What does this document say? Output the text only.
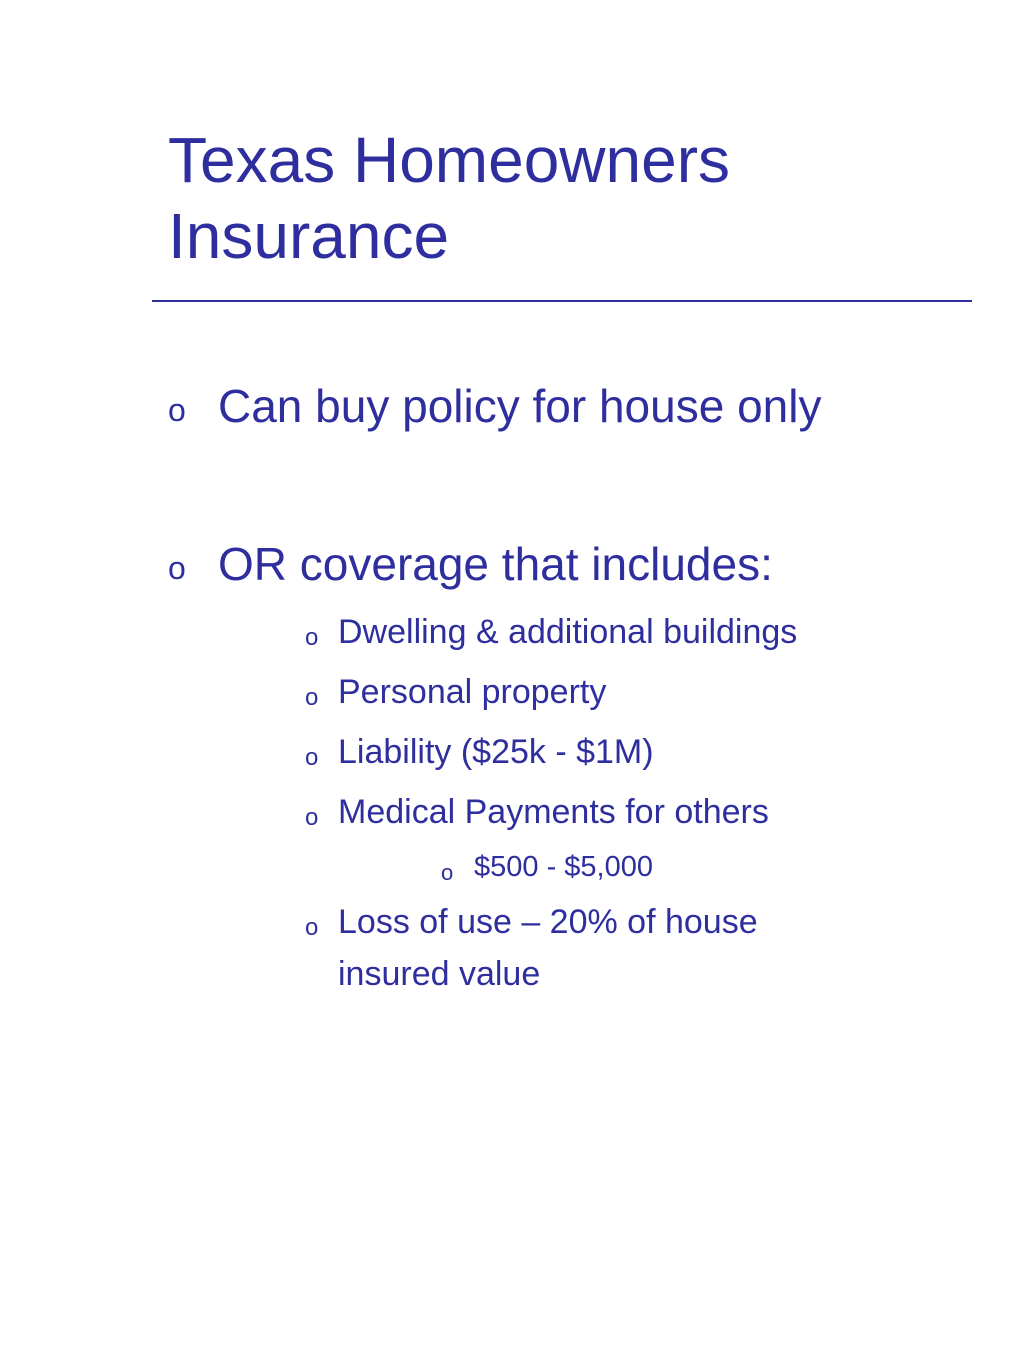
Texas Homeowners Insurance
o Can buy policy for house only
o OR coverage that includes:
o Dwelling & additional buildings
o Personal property
o Liability ($25k - $1M)
o Medical Payments for others
o $500 - $5,000
o Loss of use – 20% of house
insured value
